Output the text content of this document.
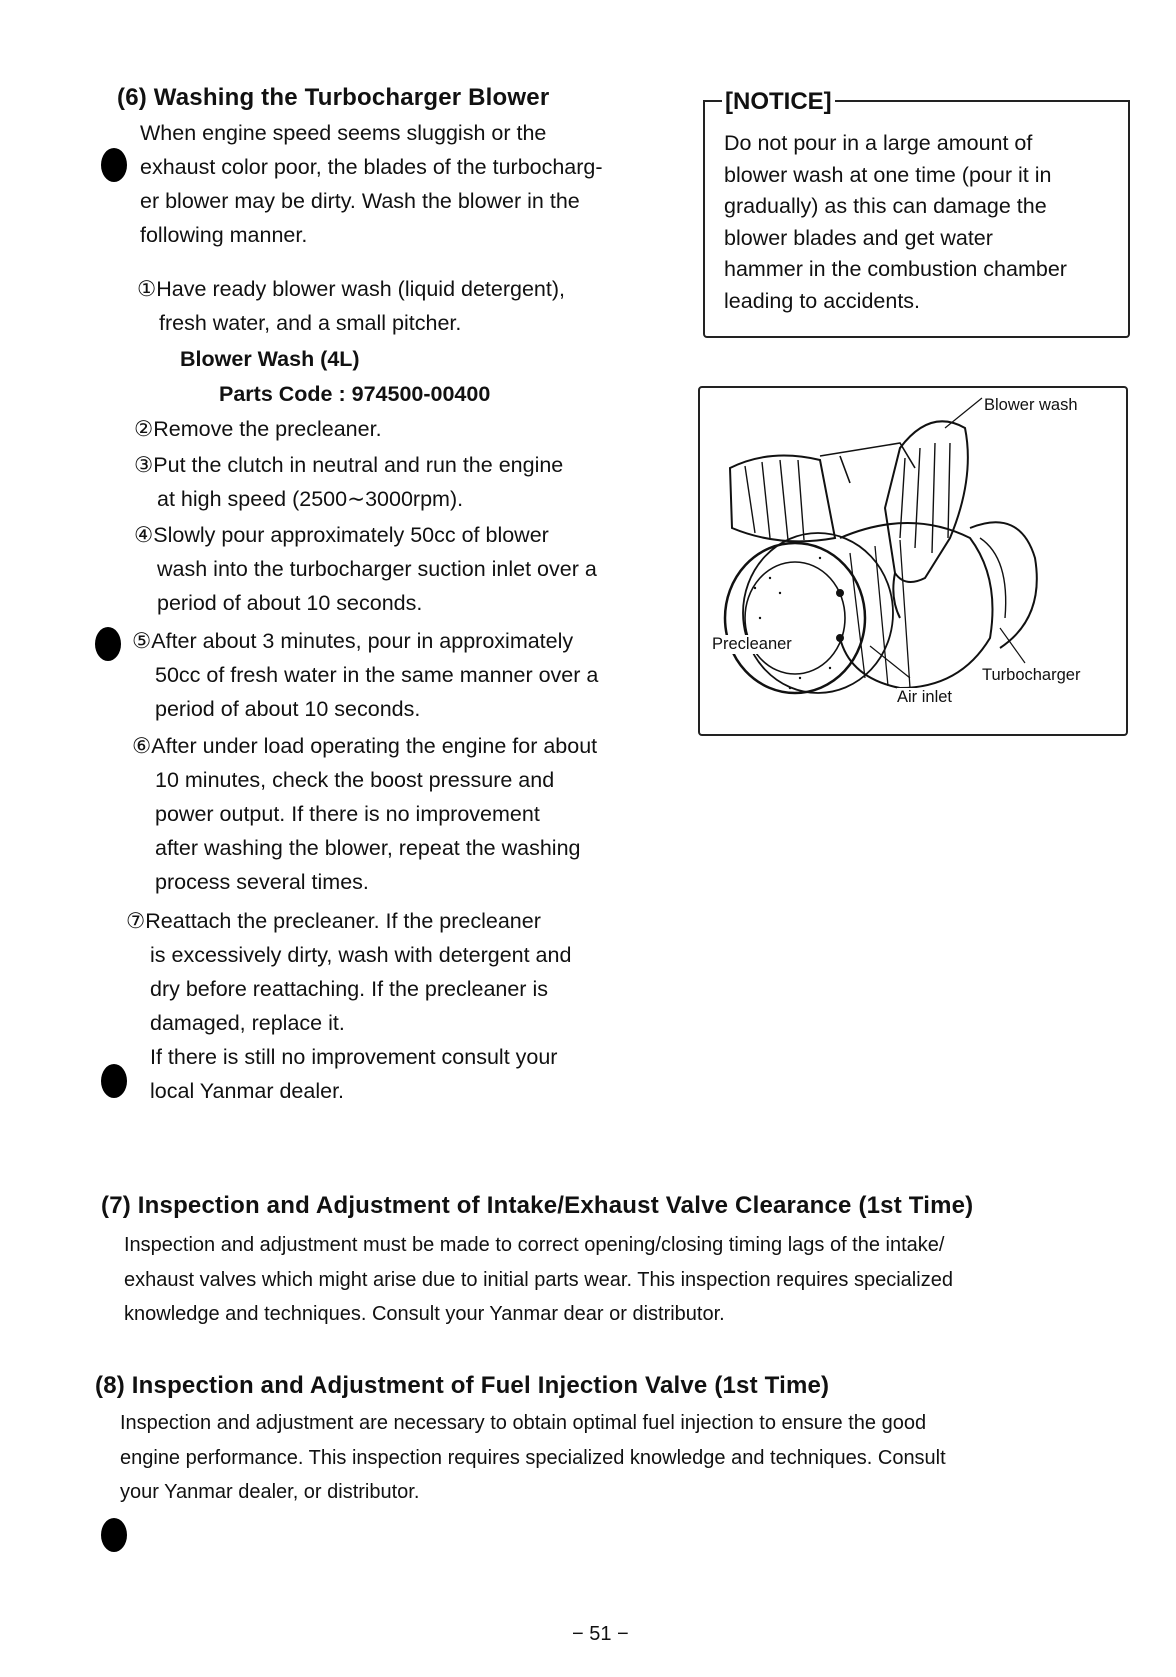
(6) Washing the Turbocharger Blower
When engine speed seems sluggish or the
exhaust color poor, the blades of the turbocharg-
er blower may be dirty. Wash the blower in the
following manner.
①Have ready blower wash (liquid detergent),
fresh water, and a small pitcher.
Blower Wash (4L)
Parts Code : 974500-00400
②Remove the precleaner.
③Put the clutch in neutral and run the engine
at high speed (2500∼3000rpm).
④Slowly pour approximately 50cc of blower
wash into the turbocharger suction inlet over a
period of about 10 seconds.
⑤After about 3 minutes, pour in approximately
50cc of fresh water in the same manner over a
period of about 10 seconds.
⑥After under load operating the engine for about
10 minutes, check the boost pressure and
power output. If there is no improvement
after washing the blower, repeat the washing
process several times.
⑦Reattach the precleaner. If the precleaner
is excessively dirty, wash with detergent and
dry before reattaching. If the precleaner is
damaged, replace it.
If there is still no improvement consult your
local Yanmar dealer.
[NOTICE]
Do not pour in a large amount of
blower wash at one time (pour it in
gradually) as this can damage the
blower blades and get water
hammer in the combustion chamber
leading to accidents.
Blower wash
Precleaner
Turbocharger
Air inlet
(7) Inspection and Adjustment of Intake/Exhaust Valve Clearance (1st Time)
Inspection and adjustment must be made to correct opening/closing timing lags of the intake/
exhaust valves which might arise due to initial parts wear. This inspection requires specialized
knowledge and techniques. Consult your Yanmar dear or distributor.
(8) Inspection and Adjustment of Fuel Injection Valve (1st Time)
Inspection and adjustment are necessary to obtain optimal fuel injection to ensure the good
engine performance. This inspection requires specialized knowledge and techniques. Consult
your Yanmar dealer, or distributor.
− 51 −
